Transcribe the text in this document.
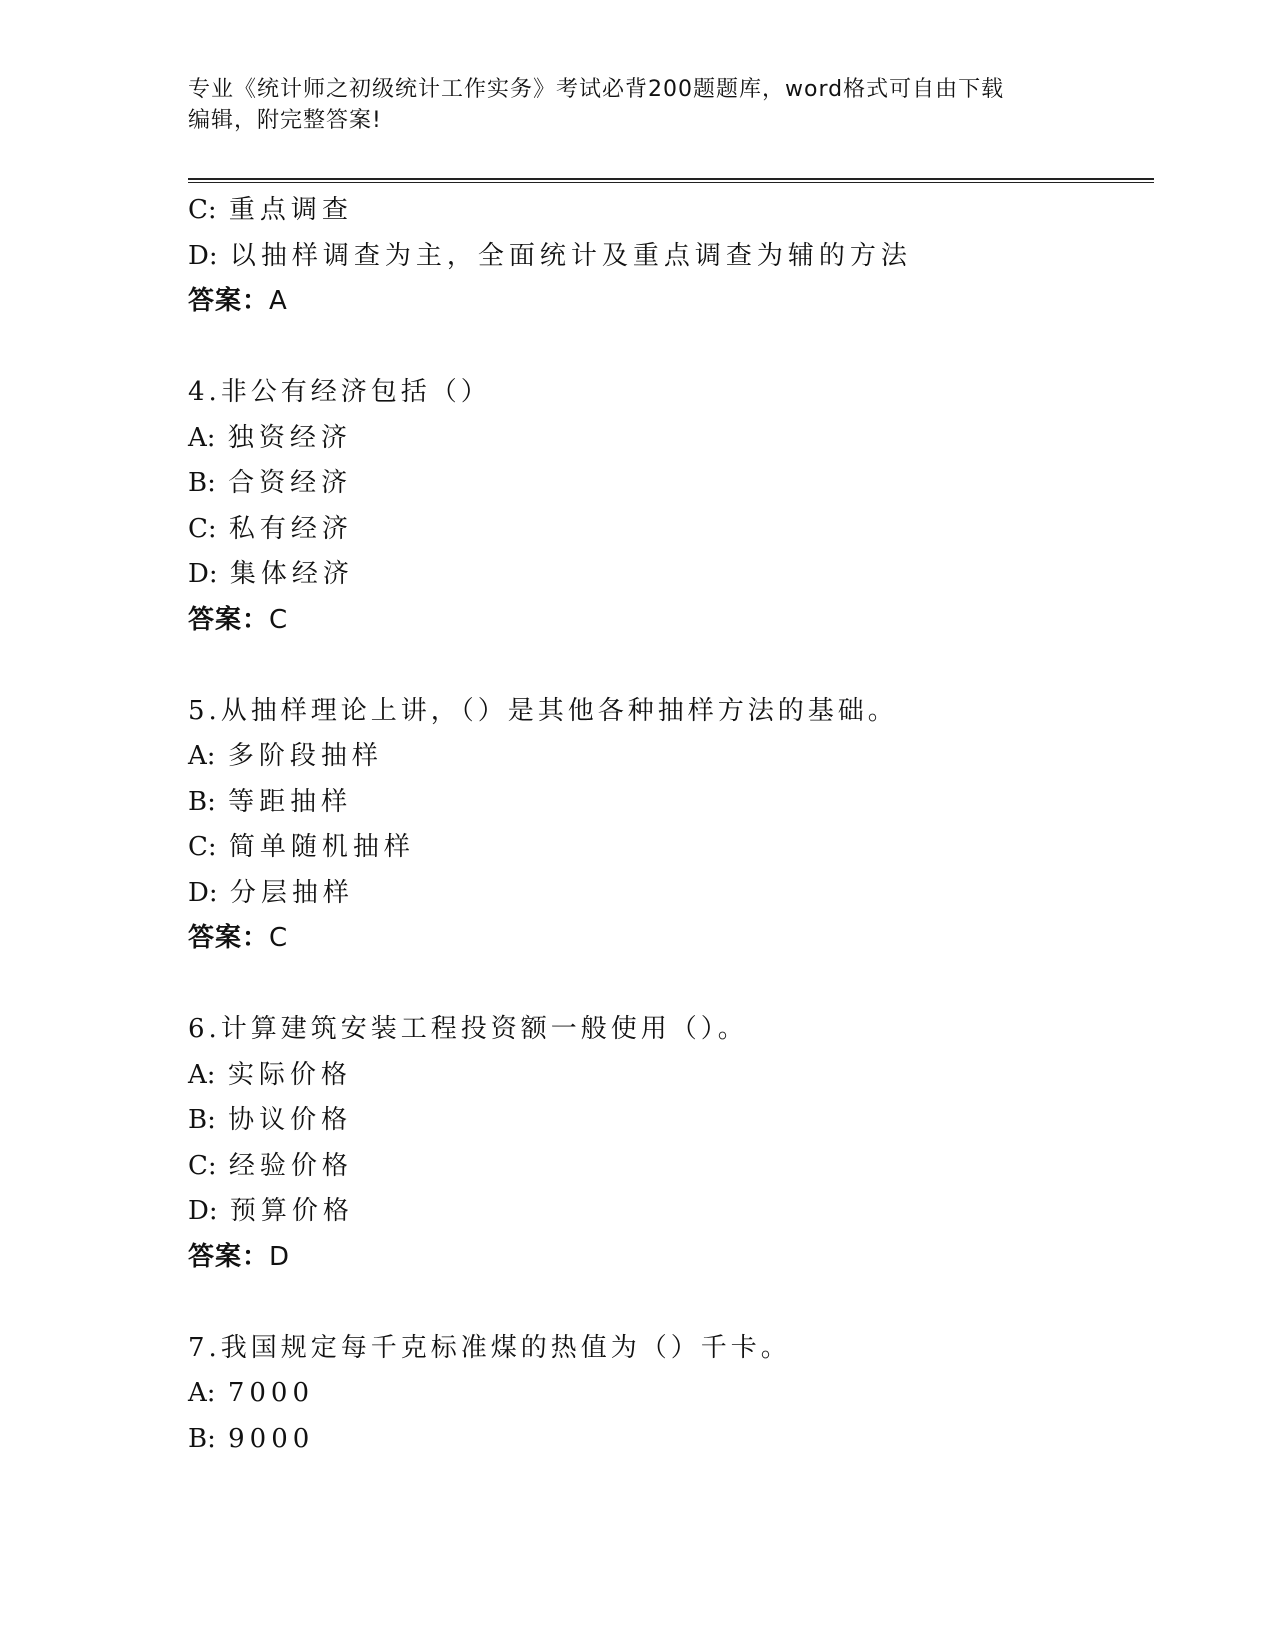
专业《统计师之初级统计工作实务》考试必背200题题库，word格式可自由下载
编辑，附完整答案!
C: 重点调查
D: 以抽样调查为主，全面统计及重点调查为辅的方法
答案：A
4.非公有经济包括（）
A: 独资经济
B: 合资经济
C: 私有经济
D: 集体经济
答案：C
5.从抽样理论上讲，（）是其他各种抽样方法的基础。
A: 多阶段抽样
B: 等距抽样
C: 简单随机抽样
D: 分层抽样
答案：C
6.计算建筑安装工程投资额一般使用（）。
A: 实际价格
B: 协议价格
C: 经验价格
D: 预算价格
答案：D
7.我国规定每千克标准煤的热值为（）千卡。
A: 7000
B: 9000
